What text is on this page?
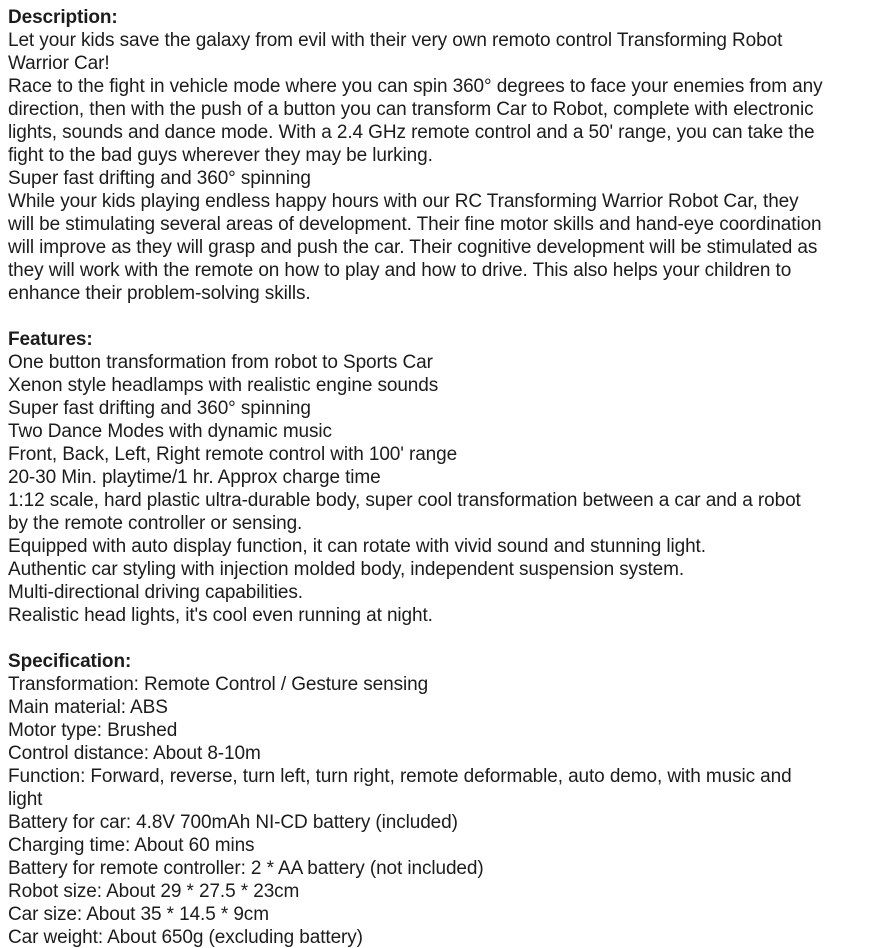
Description:
Let your kids save the galaxy from evil with their very own remoto control Transforming Robot
Warrior Car!
Race to the fight in vehicle mode where you can spin 360° degrees to face your enemies from any
direction, then with the push of a button you can transform Car to Robot, complete with electronic
lights, sounds and dance mode. With a 2.4 GHz remote control and a 50' range, you can take the
fight to the bad guys wherever they may be lurking.
Super fast drifting and 360° spinning
While your kids playing endless happy hours with our RC Transforming Warrior Robot Car, they
will be stimulating several areas of development. Their fine motor skills and hand-eye coordination
will improve as they will grasp and push the car. Their cognitive development will be stimulated as
they will work with the remote on how to play and how to drive. This also helps your children to
enhance their problem-solving skills.
Features:
One button transformation from robot to Sports Car
Xenon style headlamps with realistic engine sounds
Super fast drifting and 360° spinning
Two Dance Modes with dynamic music
Front, Back, Left, Right remote control with 100' range
20-30 Min. playtime/1 hr. Approx charge time
1:12 scale, hard plastic ultra-durable body, super cool transformation between a car and a robot
by the remote controller or sensing.
Equipped with auto display function, it can rotate with vivid sound and stunning light.
Authentic car styling with injection molded body, independent suspension system.
Multi-directional driving capabilities.
Realistic head lights, it's cool even running at night.
Specification:
Transformation: Remote Control / Gesture sensing
Main material: ABS
Motor type: Brushed
Control distance: About 8-10m
Function: Forward, reverse, turn left, turn right, remote deformable, auto demo, with music and
light
Battery for car: 4.8V 700mAh NI-CD battery (included)
Charging time: About 60 mins
Battery for remote controller: 2 * AA battery (not included)
Robot size: About 29 * 27.5 * 23cm
Car size: About 35 * 14.5 * 9cm
Car weight: About 650g (excluding battery)
